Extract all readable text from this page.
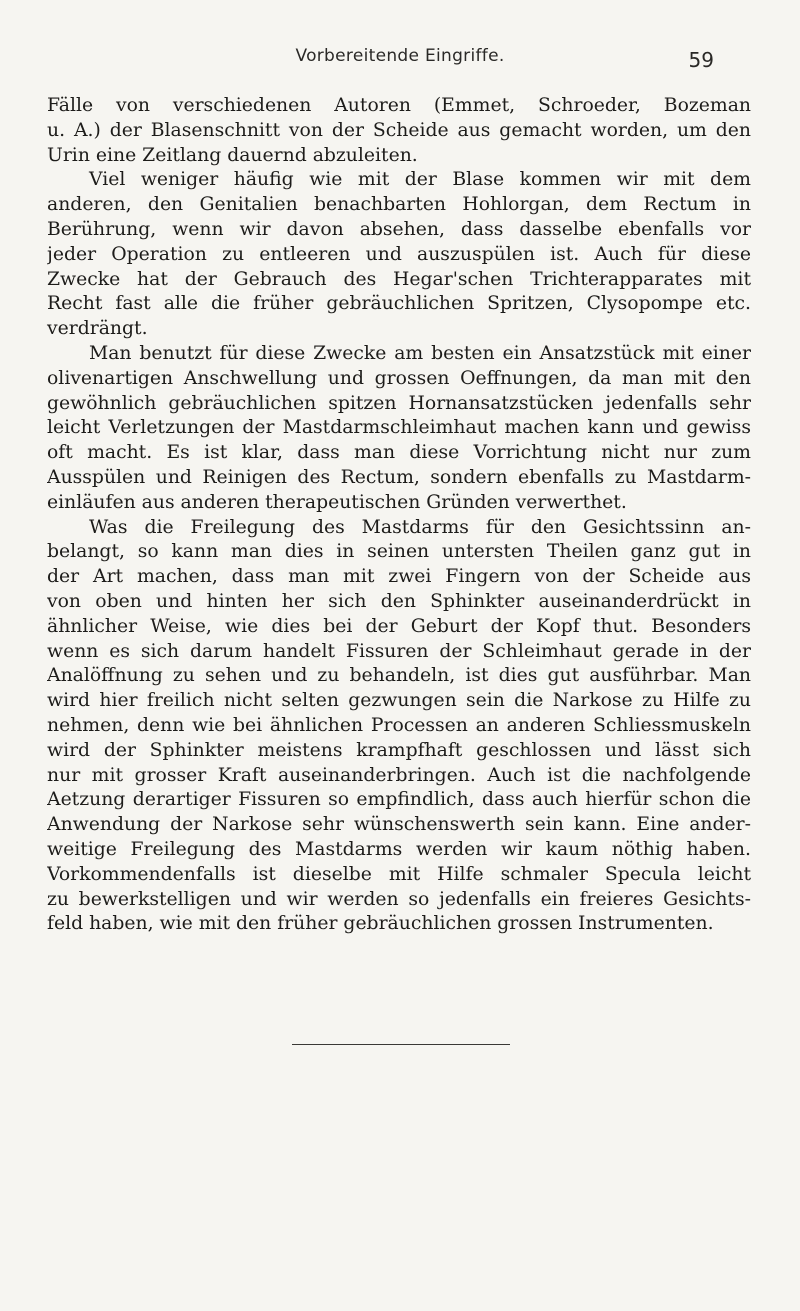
Vorbereitende Eingriffe.	59
Fälle von verschiedenen Autoren (Emmet, Schroeder, Bozeman
u. A.) der Blasenschnitt von der Scheide aus gemacht worden, um den
Urin eine Zeitlang dauernd abzuleiten.
Viel weniger häufig wie mit der Blase kommen wir mit dem
anderen, den Genitalien benachbarten Hohlorgan, dem Rectum in
Berührung, wenn wir davon absehen, dass dasselbe ebenfalls vor
jeder Operation zu entleeren und auszuspülen ist. Auch für diese
Zwecke hat der Gebrauch des Hegar'schen Trichterapparates mit
Recht fast alle die früher gebräuchlichen Spritzen, Clysopompe etc.
verdrängt.
Man benutzt für diese Zwecke am besten ein Ansatzstück mit einer
olivenartigen Anschwellung und grossen Oeffnungen, da man mit den
gewöhnlich gebräuchlichen spitzen Hornansatzstücken jedenfalls sehr
leicht Verletzungen der Mastdarmschleimhaut machen kann und gewiss
oft macht. Es ist klar, dass man diese Vorrichtung nicht nur zum
Ausspülen und Reinigen des Rectum, sondern ebenfalls zu Mastdarm-
einläufen aus anderen therapeutischen Gründen verwerthet.
Was die Freilegung des Mastdarms für den Gesichtssinn an-
belangt, so kann man dies in seinen untersten Theilen ganz gut in
der Art machen, dass man mit zwei Fingern von der Scheide aus
von oben und hinten her sich den Sphinkter auseinanderdrückt in
ähnlicher Weise, wie dies bei der Geburt der Kopf thut. Besonders
wenn es sich darum handelt Fissuren der Schleimhaut gerade in der
Analöffnung zu sehen und zu behandeln, ist dies gut ausführbar. Man
wird hier freilich nicht selten gezwungen sein die Narkose zu Hilfe zu
nehmen, denn wie bei ähnlichen Processen an anderen Schliessmuskeln
wird der Sphinkter meistens krampfhaft geschlossen und lässt sich
nur mit grosser Kraft auseinanderbringen. Auch ist die nachfolgende
Aetzung derartiger Fissuren so empfindlich, dass auch hierfür schon die
Anwendung der Narkose sehr wünschenswerth sein kann. Eine ander-
weitige Freilegung des Mastdarms werden wir kaum nöthig haben.
Vorkommendenfalls ist dieselbe mit Hilfe schmaler Specula leicht
zu bewerkstelligen und wir werden so jedenfalls ein freieres Gesichts-
feld haben, wie mit den früher gebräuchlichen grossen Instrumenten.
